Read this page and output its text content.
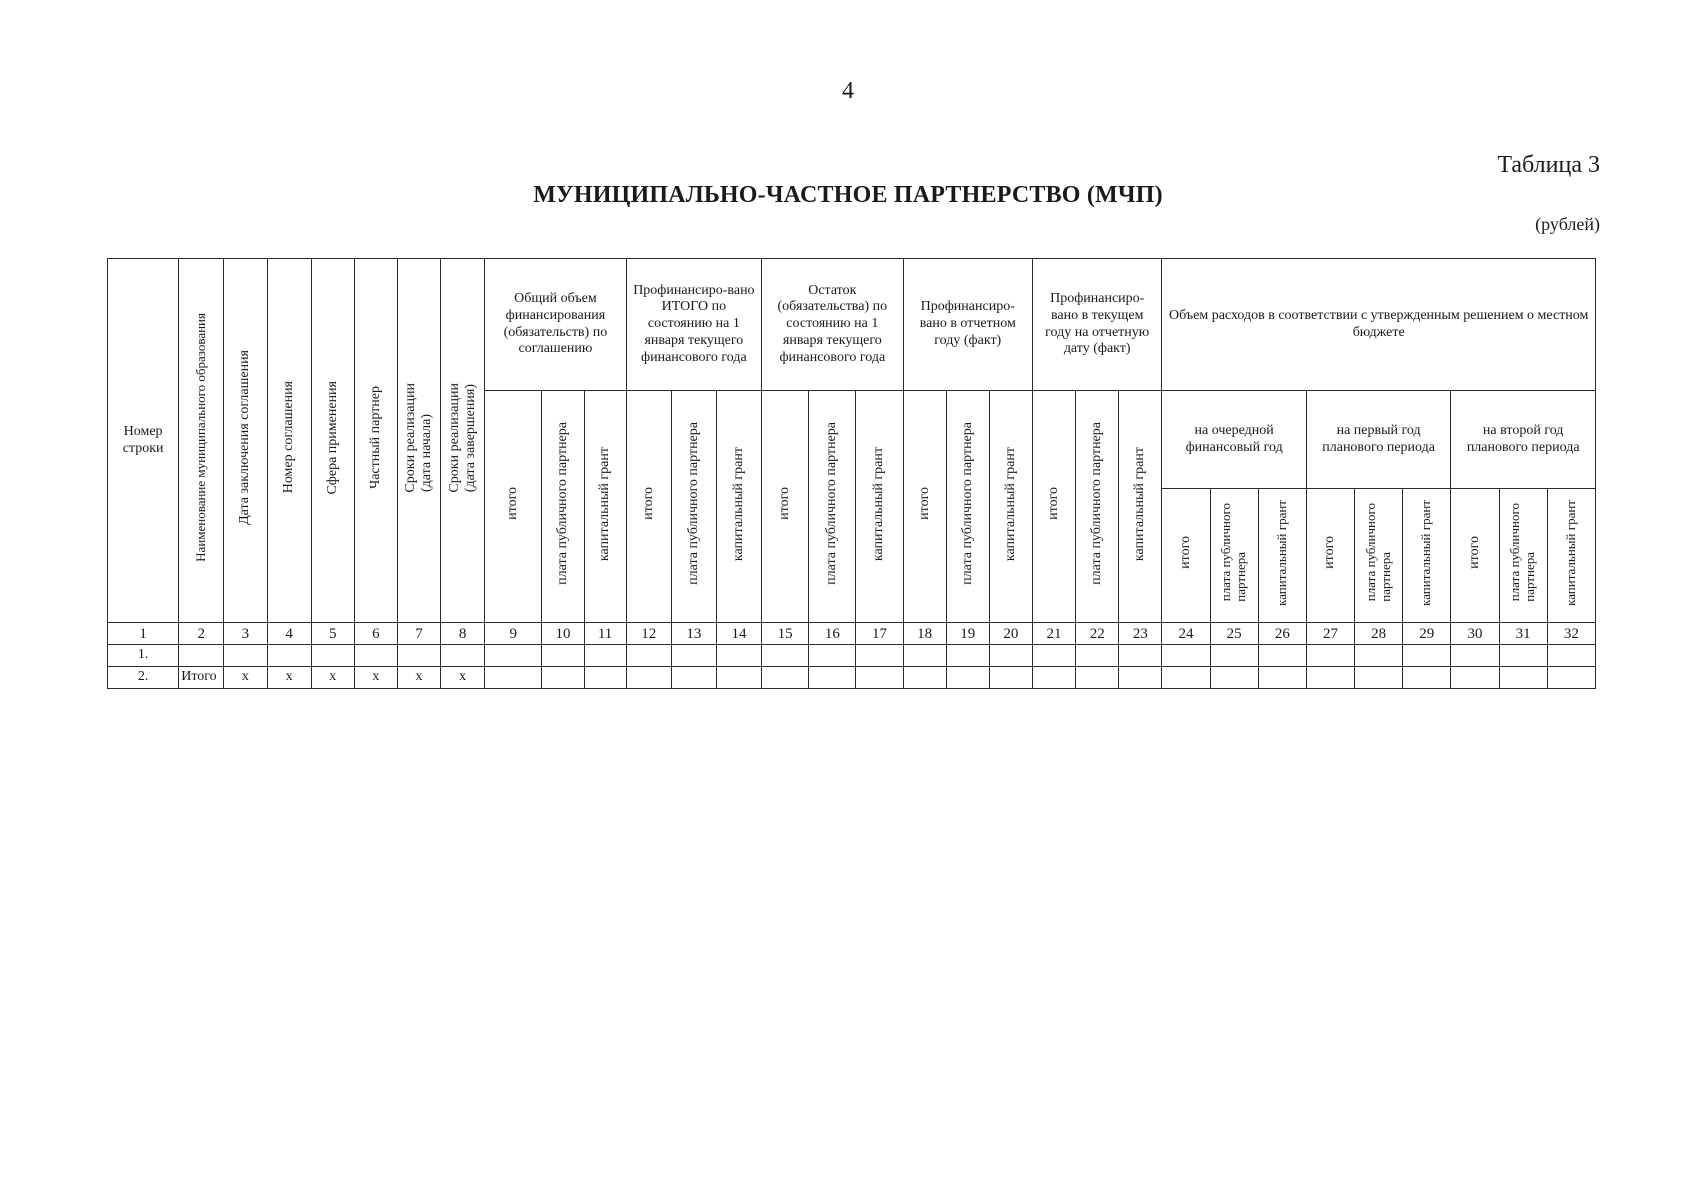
4
Таблица 3
МУНИЦИПАЛЬНО-ЧАСТНОЕ ПАРТНЕРСТВО (МЧП)
(рублей)
Номер строки	Наименование муниципального образования	Дата заключения соглашения	Номер соглашения	Сфера применения	Частный партнер	Сроки реализации(дата начала)	Сроки реализации(дата завершения)	Общий объем финансирования (обязательств) по соглашению			Профинансиро-вано ИТОГО по состоянию на 1 января текущего финансового года			Остаток (обязательства) по состоянию на 1 января текущего финансового года			Профинансиро-вано в отчетном году (факт)			Профинансиро-вано в текущем году на отчетную дату (факт)			Объем расходов в соответствии с утвержденным решением о местном бюджете								
								итого	плата публичного партнера	капитальный грант	итого	плата публичного партнера	капитальный грант	итого	плата публичного партнера	капитальный грант	итого	плата публичного партнера	капитальный грант	итого	плата публичного партнера	капитальный грант	на очередной финансовый год			на первый год планового периода			на второй год планового периода		
																							итого	плата публичногопартнера	капитальный грант	итого	плата публичногопартнера	капитальный грант	итого	плата публичногопартнера	капитальный грант
1	2	3	4	5	6	7	8	9	10	11	12	13	14	15	16	17	18	19	20	21	22	23	24	25	26	27	28	29	30	31	32
1.																															
2.	Итого	x	x	x	x	x	x																								
